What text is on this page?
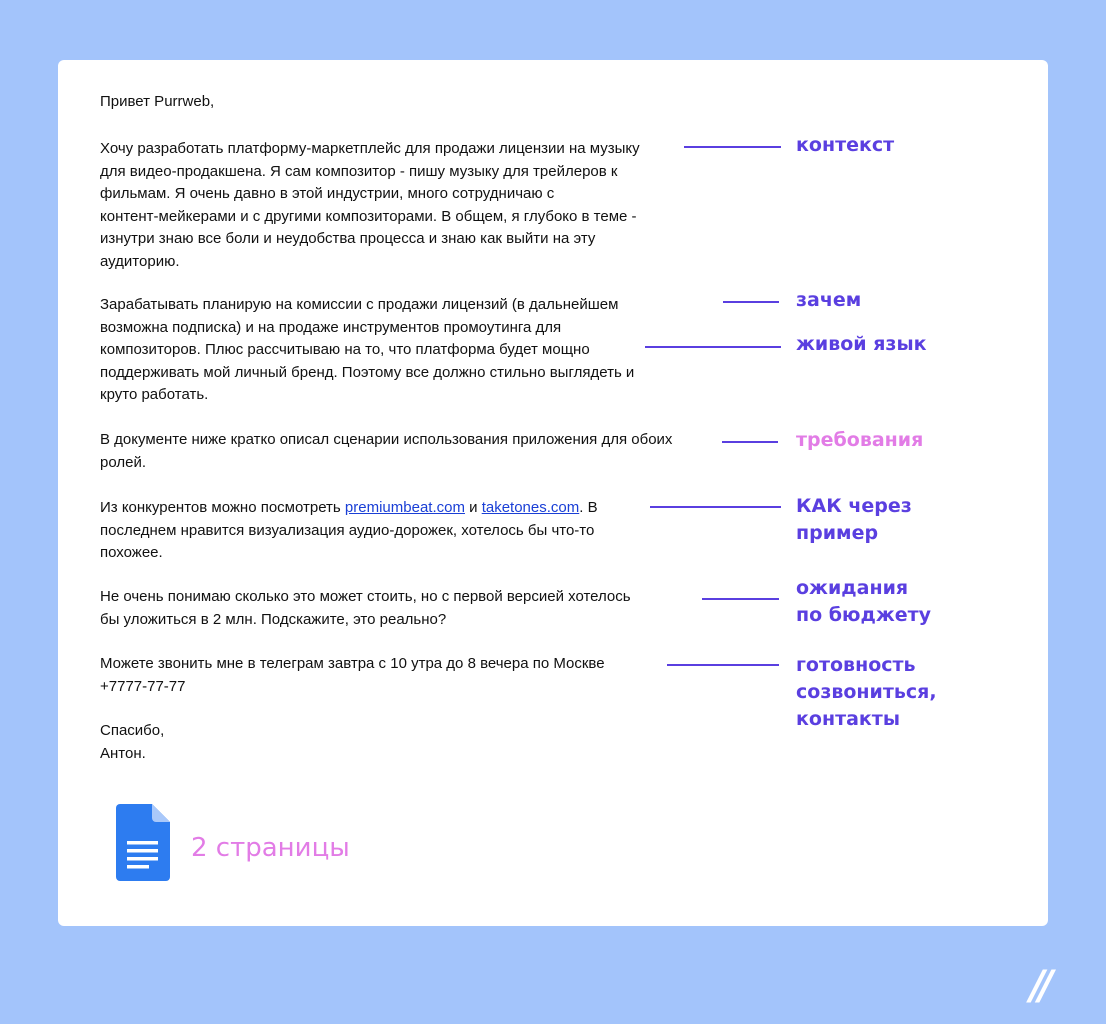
Привет Purrweb,

Хочу разработать платформу-маркетплейс для продажи лицензии на музыку
для видео-продакшена. Я сам композитор - пишу музыку для трейлеров к
фильмам. Я очень давно в этой индустрии, много сотрудничаю с
контент-мейкерами и с другими композиторами. В общем, я глубоко в теме -
изнутри знаю все боли и неудобства процесса и знаю как выйти на эту
аудиторию.

Зарабатывать планирую на комиссии с продажи лицензий (в дальнейшем
возможна подписка) и на продаже инструментов промоутинга для
композиторов. Плюс рассчитываю на то, что платформа будет мощно
поддерживать мой личный бренд. Поэтому все должно стильно выглядеть и
круто работать.

В документе ниже кратко описал сценарии использования приложения для обоих
ролей.

Из конкурентов можно посмотреть premiumbeat.com и taketones.com. В
последнем нравится визуализация аудио-дорожек, хотелось бы что-то
похожее.

Не очень понимаю сколько это может стоить, но с первой версией хотелось
бы уложиться в 2 млн. Подскажите, это реально?

Можете звонить мне в телеграм завтра с 10 утра до 8 вечера по Москве
+7777-77-77

Спасибо,
Антон.

контекст
зачем
живой язык
требования
КАК через
пример
ожидания
по бюджету
готовность
созвониться,
контакты
2 страницы
//
